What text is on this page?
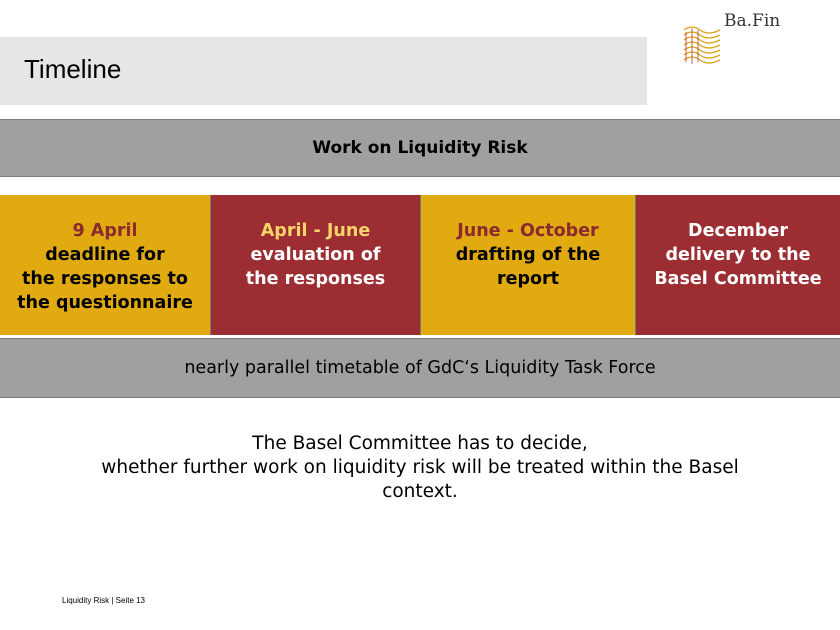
Timeline
Ba.Fin
Work on Liquidity Risk
9 April
deadline for
the responses to
the questionnaire
April - June
evaluation of
the responses
June - October
drafting of the
report
December
delivery to the
Basel Committee
nearly parallel timetable of GdC‘s Liquidity Task Force
The Basel Committee has to decide,
whether further work on liquidity risk will be treated within the Basel
context.
Liquidity Risk | Seite 13
